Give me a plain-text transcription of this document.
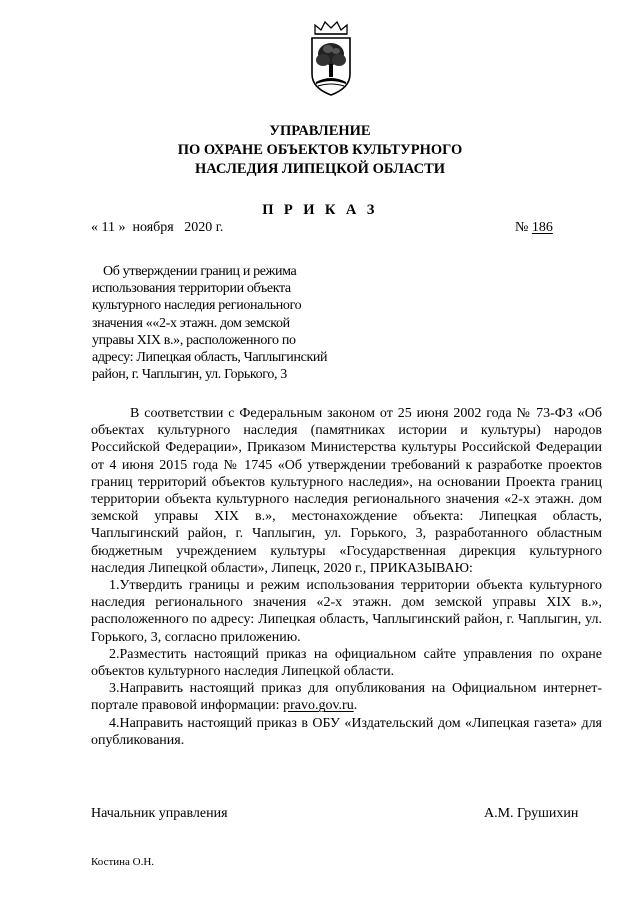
УПРАВЛЕНИЕ
ПО ОХРАНЕ ОБЪЕКТОВ КУЛЬТУРНОГО
НАСЛЕДИЯ ЛИПЕЦКОЙ ОБЛАСТИ
П Р И К А З
« 11 »  ноября   2020 г.	№ 186
Об утверждении границ и режима
использования территории объекта
культурного наследия регионального
значения ««2-х этажн. дом земской
управы XIX в.», расположенного по
адресу: Липецкая область, Чаплыгинский
район, г. Чаплыгин, ул. Горького, 3

В соответствии с Федеральным законом от 25 июня 2002 года № 73-ФЗ «Об объектах культурного наследия (памятниках истории и культуры) народов Российской Федерации», Приказом Министерства культуры Российской Федерации от 4 июня 2015 года № 1745 «Об утверждении требований к разработке проектов границ территорий объектов культурного наследия», на основании Проекта границ территории объекта культурного наследия регионального значения «2-х этажн. дом земской управы XIX в.», местонахождение объекта: Липецкая область, Чаплыгинский район, г. Чаплыгин, ул. Горького, 3, разработанного областным бюджетным учреждением культуры «Государственная дирекция культурного наследия Липецкой области», Липецк, 2020 г., ПРИКАЗЫВАЮ:

1.Утвердить границы и режим использования территории объекта культурного наследия регионального значения «2-х этажн. дом земской управы XIX в.», расположенного по адресу: Липецкая область, Чаплыгинский район, г. Чаплыгин, ул. Горького, 3, согласно приложению.

2.Разместить настоящий приказ на официальном сайте управления по охране объектов культурного наследия Липецкой области.

3.Направить настоящий приказ для опубликования на Официальном интернет-портале правовой информации: pravo.gov.ru.

4.Направить настоящий приказ в ОБУ «Издательский дом «Липецкая газета» для опубликования.

Начальник управления	А.М. Грушихин
Костина О.Н.
